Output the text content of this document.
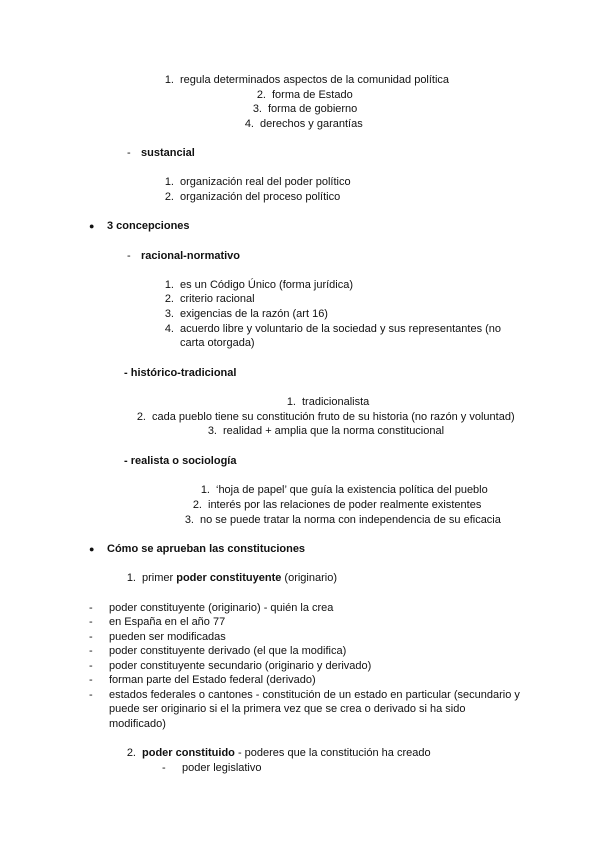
1. regula determinados aspectos de la comunidad política
2. forma de Estado
3. forma de gobierno
4. derechos y garantías
- sustancial
1. organización real del poder político
2. organización del proceso político
● 3 concepciones
- racional-normativo
1. es un Código Único (forma jurídica)
2. criterio racional
3. exigencias de la razón (art 16)
4. acuerdo libre y voluntario de la sociedad y sus representantes (no
carta otorgada)
- histórico-tradicional
1. tradicionalista
2. cada pueblo tiene su constitución fruto de su historia (no razón y voluntad)
3. realidad + amplia que la norma constitucional
- realista o sociología
1. ‘hoja de papel’ que guía la existencia política del pueblo
2. interés por las relaciones de poder realmente existentes
3. no se puede tratar la norma con independencia de su eficacia
● Cómo se aprueban las constituciones
1. primer poder constituyente (originario)
- poder constituyente (originario) - quién la crea
- en España en el año 77
- pueden ser modificadas
- poder constituyente derivado (el que la modifica)
- poder constituyente secundario (originario y derivado)
- forman parte del Estado federal (derivado)
- estados federales o cantones - constitución de un estado en particular (secundario y
puede ser originario si el la primera vez que se crea o derivado si ha sido
modificado)
2. poder constituido - poderes que la constitución ha creado
- poder legislativo
